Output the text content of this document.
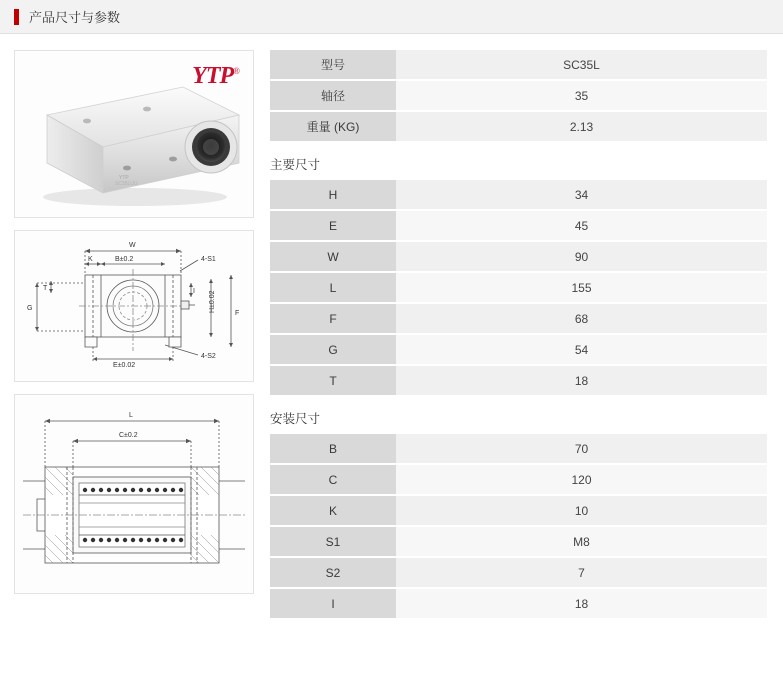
产品尺寸与参数
YTP®
YTP
SC35LUU
W
K	B±0.2	4-S1
4-S2
T
G
I H±0.02
F
E±0.02
L
C±0.2
型号	SC35L
轴径	35
重量 (KG)	2.13
主要尺寸
H	34
E	45
W	90
L	155
F	68
G	54
T	18
安装尺寸
B	70
C	120
K	10
S1	M8
S2	7
I	18
